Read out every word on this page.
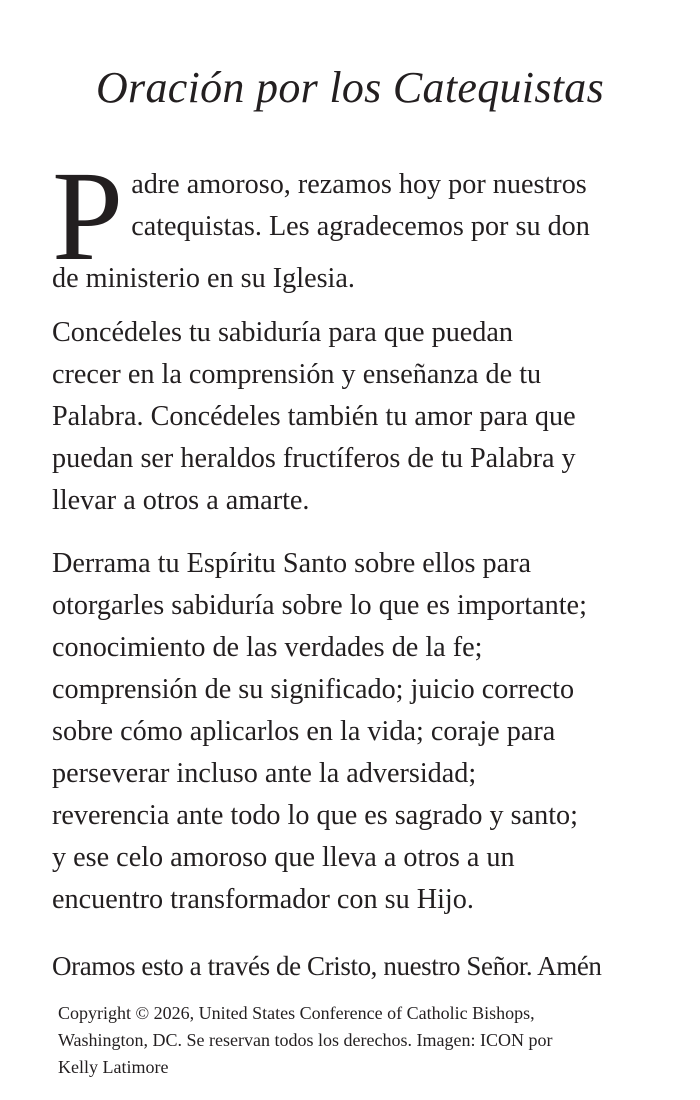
Oración por los Catequistas
P adre amoroso, rezamos hoy por nuestros
catequistas. Les agradecemos por su don
de ministerio en su Iglesia.
Concédeles tu sabiduría para que puedan
crecer en la comprensión y enseñanza de tu
Palabra. Concédeles también tu amor para que
puedan ser heraldos fructíferos de tu Palabra y
llevar a otros a amarte.
Derrama tu Espíritu Santo sobre ellos para
otorgarles sabiduría sobre lo que es importante;
conocimiento de las verdades de la fe;
comprensión de su significado; juicio correcto
sobre cómo aplicarlos en la vida; coraje para
perseverar incluso ante la adversidad;
reverencia ante todo lo que es sagrado y santo;
y ese celo amoroso que lleva a otros a un
encuentro transformador con su Hijo.
Oramos esto a través de Cristo, nuestro Señor. Amén
Copyright © 2026, United States Conference of Catholic Bishops,
Washington, DC. Se reservan todos los derechos. Imagen: ICON por
Kelly Latimore
